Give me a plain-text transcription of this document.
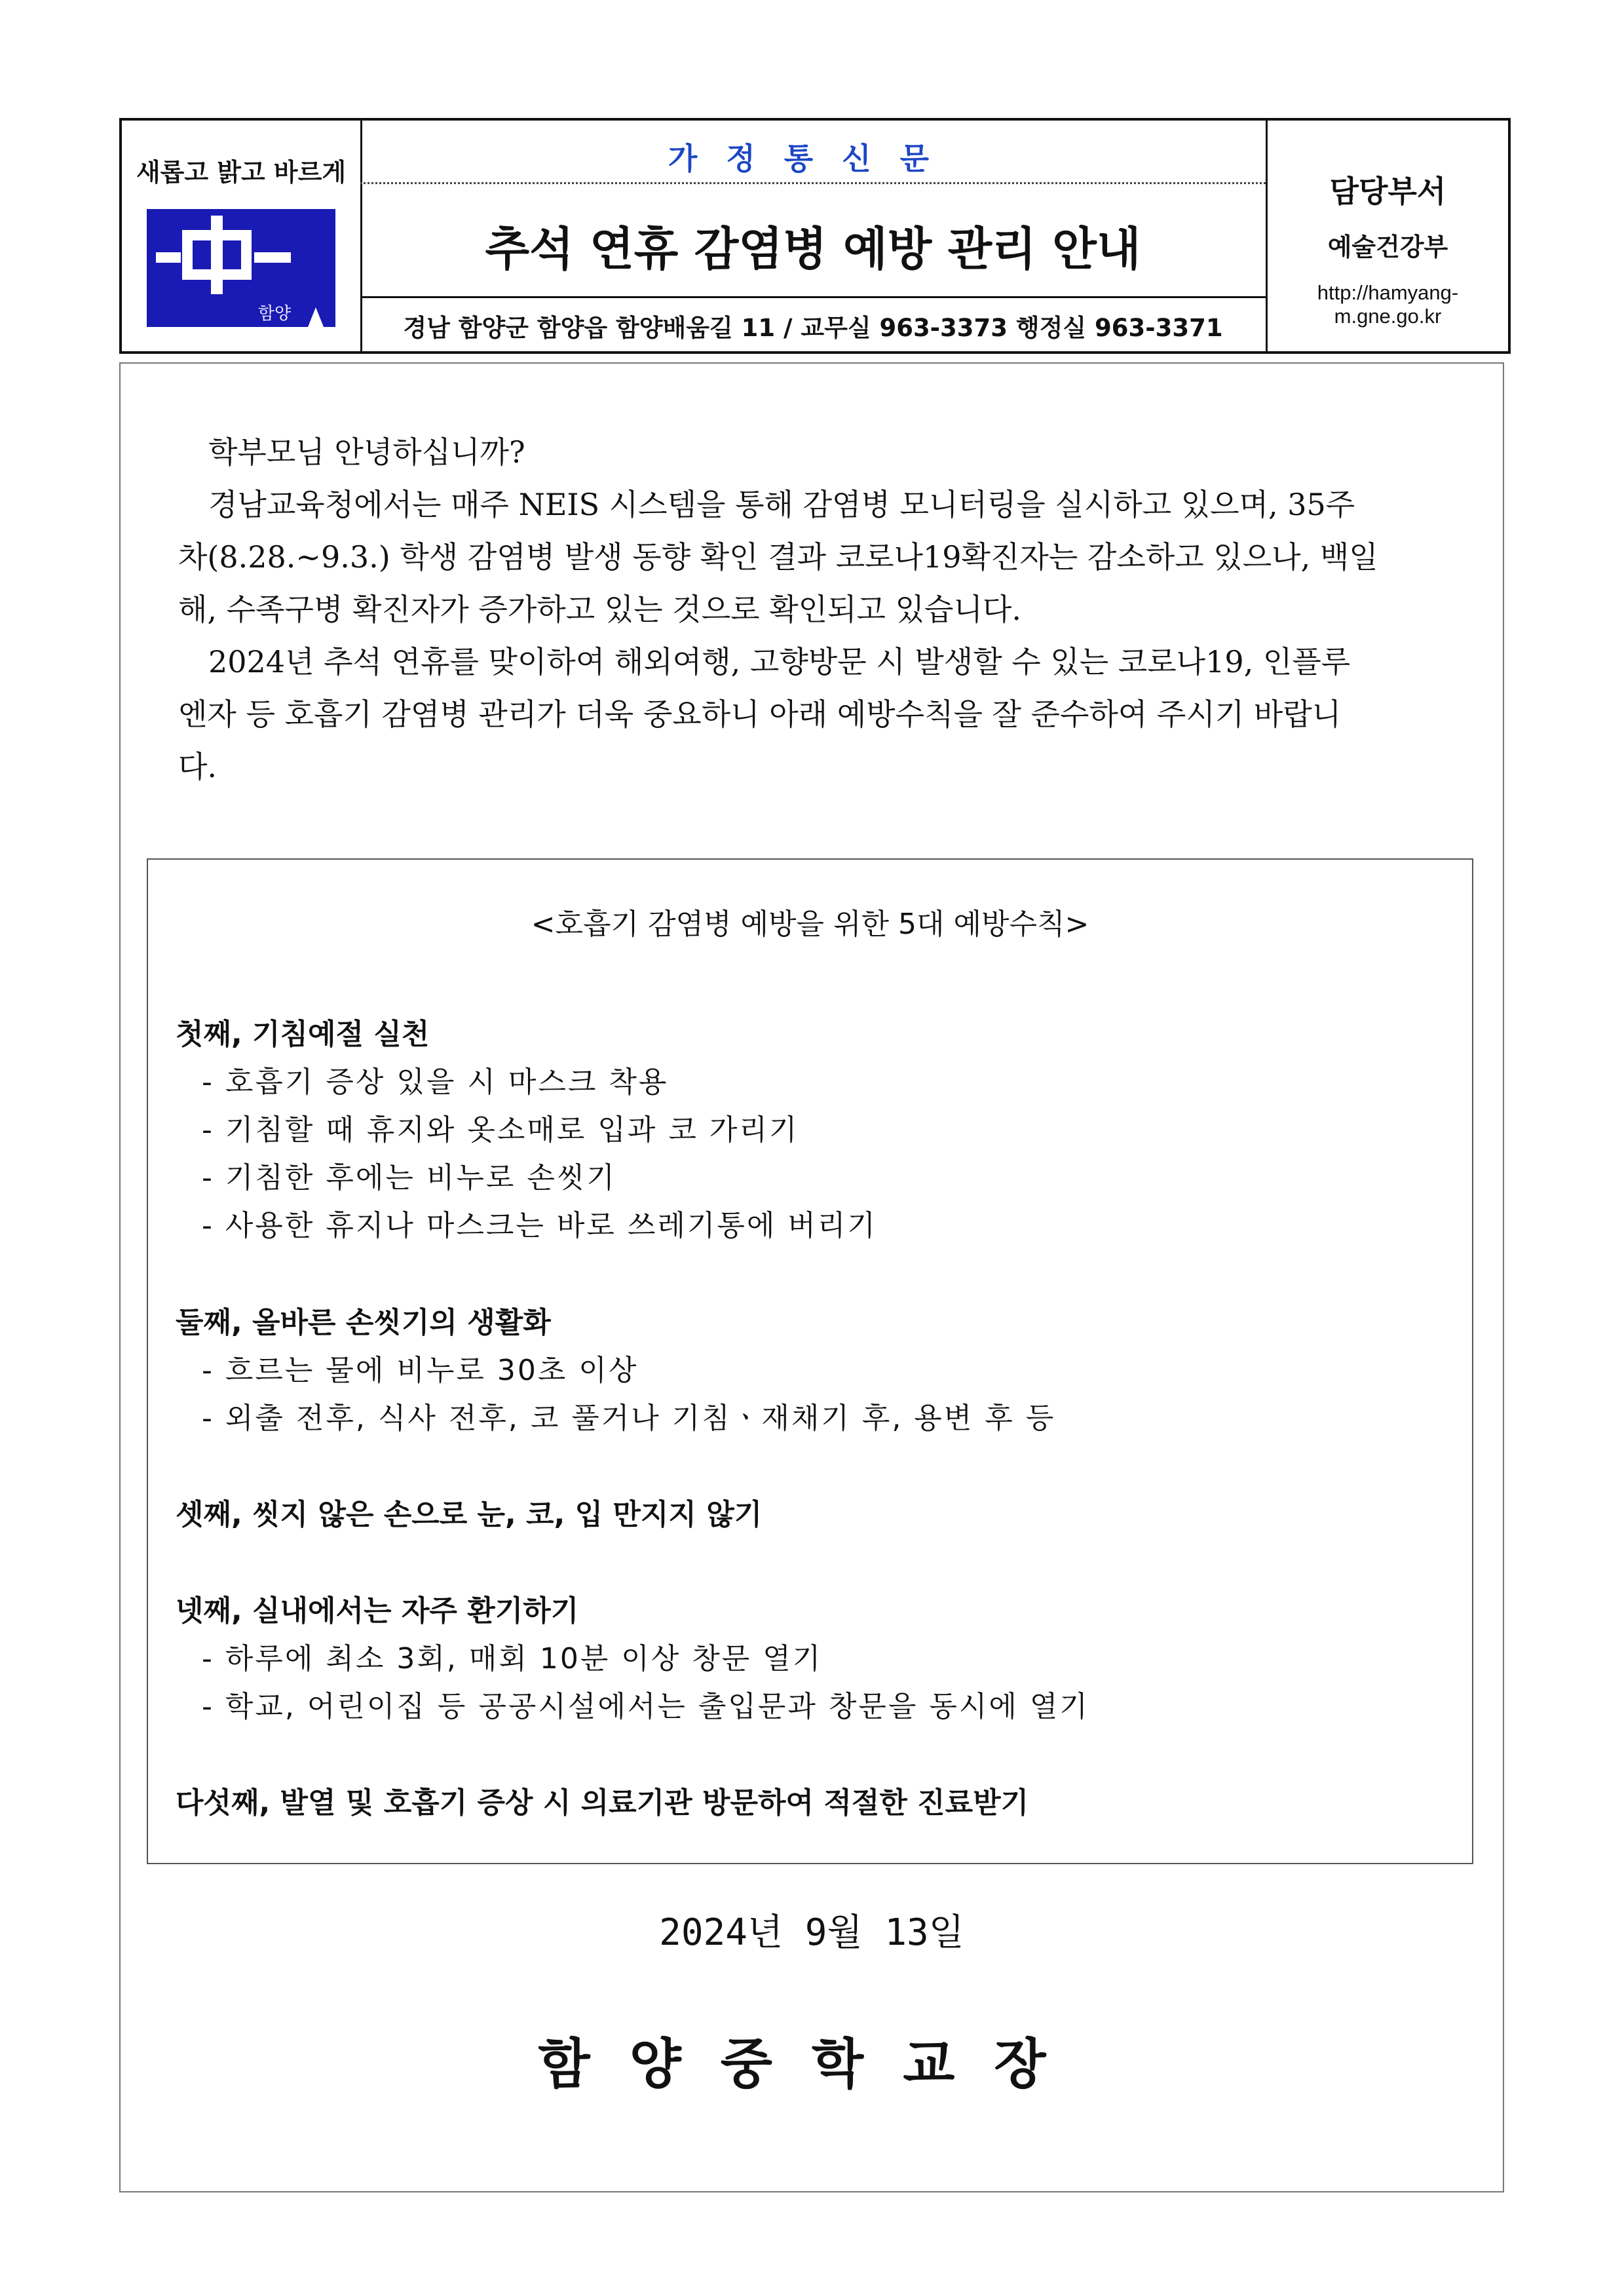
새롭고 밝고 바르게
함양
가정통신문
추석 연휴 감염병 예방 관리 안내
경남 함양군 함양읍 함양배움길 11 / 교무실 963-3373 행정실 963-3371
담당부서
예술건강부
http://hamyang-m.gne.go.kr
학부모님 안녕하십니까?
경남교육청에서는 매주 NEIS 시스템을 통해 감염병 모니터링을 실시하고 있으며, 35주
차(8.28.~9.3.) 학생 감염병 발생 동향 확인 결과 코로나19확진자는 감소하고 있으나, 백일
해, 수족구병 확진자가 증가하고 있는 것으로 확인되고 있습니다.
2024년 추석 연휴를 맞이하여 해외여행, 고향방문 시 발생할 수 있는 코로나19, 인플루
엔자 등 호흡기 감염병 관리가 더욱 중요하니 아래 예방수칙을 잘 준수하여 주시기 바랍니
다.
<호흡기 감염병 예방을 위한 5대 예방수칙>
첫째, 기침예절 실천
- 호흡기 증상 있을 시 마스크 착용
- 기침할 때 휴지와 옷소매로 입과 코 가리기
- 기침한 후에는 비누로 손씻기
- 사용한 휴지나 마스크는 바로 쓰레기통에 버리기
둘째, 올바른 손씻기의 생활화
- 흐르는 물에 비누로 30초 이상
- 외출 전후, 식사 전후, 코 풀거나 기침ㆍ재채기 후, 용변 후 등
셋째, 씻지 않은 손으로 눈, 코, 입 만지지 않기
넷째, 실내에서는 자주 환기하기
- 하루에 최소 3회, 매회 10분 이상 창문 열기
- 학교, 어린이집 등 공공시설에서는 출입문과 창문을 동시에 열기
다섯째, 발열 및 호흡기 증상 시 의료기관 방문하여 적절한 진료받기
2024년 9월 13일
함양중학교장
